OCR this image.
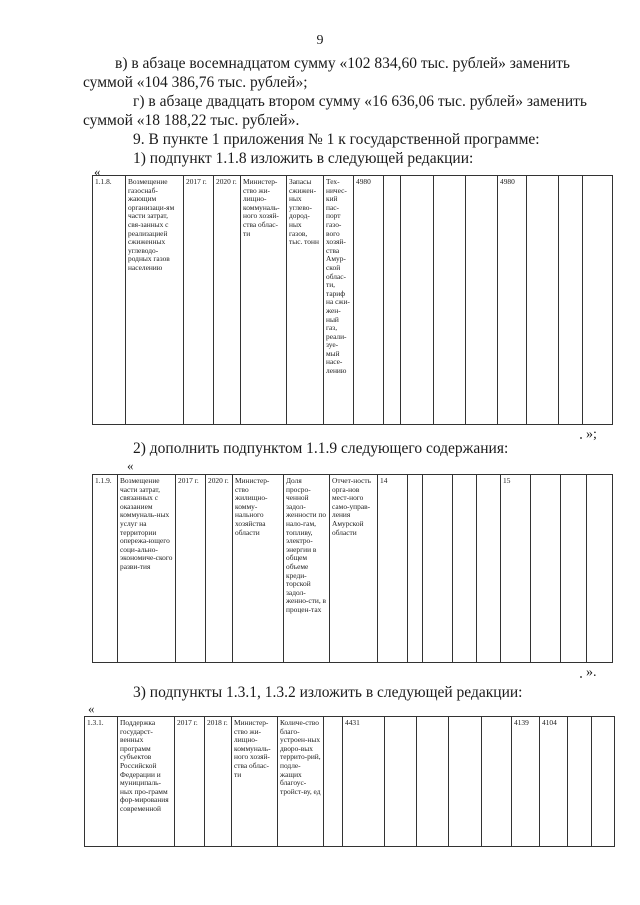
9
в) в абзаце восемнадцатом сумму «102 834,60 тыс. рублей» заменить
суммой «104 386,76 тыс. рублей»;
г) в абзаце двадцать втором сумму «16 636,06 тыс. рублей» заменить
суммой «18 188,22 тыс. рублей».
9. В пункте 1 приложения № 1 к государственной программе:
1) подпункт 1.1.8 изложить в следующей редакции:
«
1.1.8.	Возмещение газоснаб-жающим организаци-ям части затрат, свя-занных с реализацией сжиженных углеводо-родных газов населению	2017 г.	2020 г.	Министер-ство жи-лищно-коммуналь-ного хозяй-ства облас-ти	Запасы сжижен-ных углево-дород-ных газов, тыс. тонн	Тех-ничес-кий пас-порт газо-вого хозяй-ства Амур-ской облас-ти, тариф на сжи-жен-ный газ, реали-зуе-мый насе-лению	4980					4980			
»;
2) дополнить подпунктом 1.1.9 следующего содержания:
«
1.1.9.	Возмещение части затрат, связанных с оказанием коммуналь-ных услуг на территории опережа-ющего соци-ально-экономиче-ского разви-тия	2017 г.	2020 г.	Министер-ство жилищно-комму-нального хозяйства области	Доля просро-ченной задол-женности по нало-гам, топливу, электро-энергии в общем объеме креди-торской задол-женно-сти, в процен-тах	Отчет-ность орга-нов мест-ного само-управ-ления Амурской области	14					15			
».
3) подпункты 1.3.1, 1.3.2 изложить в следующей редакции:
«
1.3.1.	Поддержка государст-венных программ субъектов Российской Федерации и муниципаль-ных про-грамм фор-мирования современной	2017 г.	2018 г.	Министер-ство жи-лищно-коммуналь-ного хозяй-ства облас-ти	Количе-ство благо-устроен-ных дворо-вых террито-рий, подле-жащих благоус-тройст-ву, ед		4431					4139	4104		
